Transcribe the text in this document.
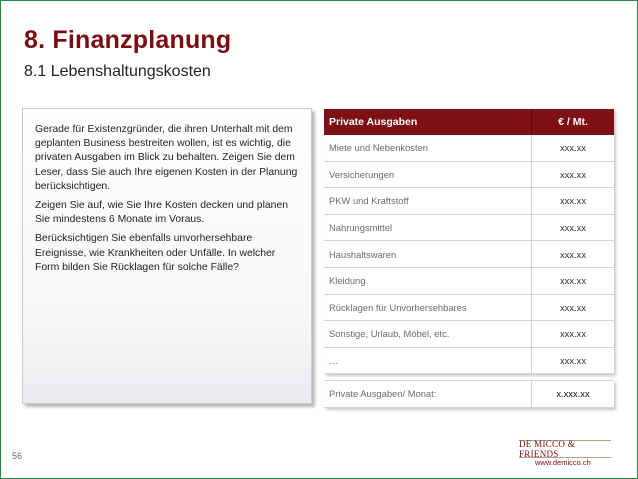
8. Finanzplanung
8.1 Lebenshaltungskosten

Gerade für Existenzgründer, die ihren Unterhalt mit dem geplanten Business bestreiten wollen, ist es wichtig, die privaten Ausgaben im Blick zu behalten. Zeigen Sie dem Leser, dass Sie auch Ihre eigenen Kosten in der Planung berücksichtigen.

Zeigen Sie auf, wie Sie Ihre Kosten decken und planen Sie mindestens 6 Monate im Voraus.

Berücksichtigen Sie ebenfalls unvorhersehbare Ereignisse, wie Krankheiten oder Unfälle. In welcher Form bilden Sie Rücklagen für solche Fälle?

Private Ausgaben	€ / Mt.
Miete und Nebenkosten	xxx.xx
Versicherungen	xxx.xx
PKW und Kraftstoff	xxx.xx
Nahrungsmittel	xxx.xx
Haushaltswaren	xxx.xx
Kleidung	xxx.xx
Rücklagen für Unvorhersehbares	xxx.xx
Sonstige, Urlaub, Möbel, etc.	xxx.xx
…	xxx.xx
Private Ausgaben/ Monat:	x.xxx.xx
56
DE MICCO & FRIENDS
www.demicco.ch
